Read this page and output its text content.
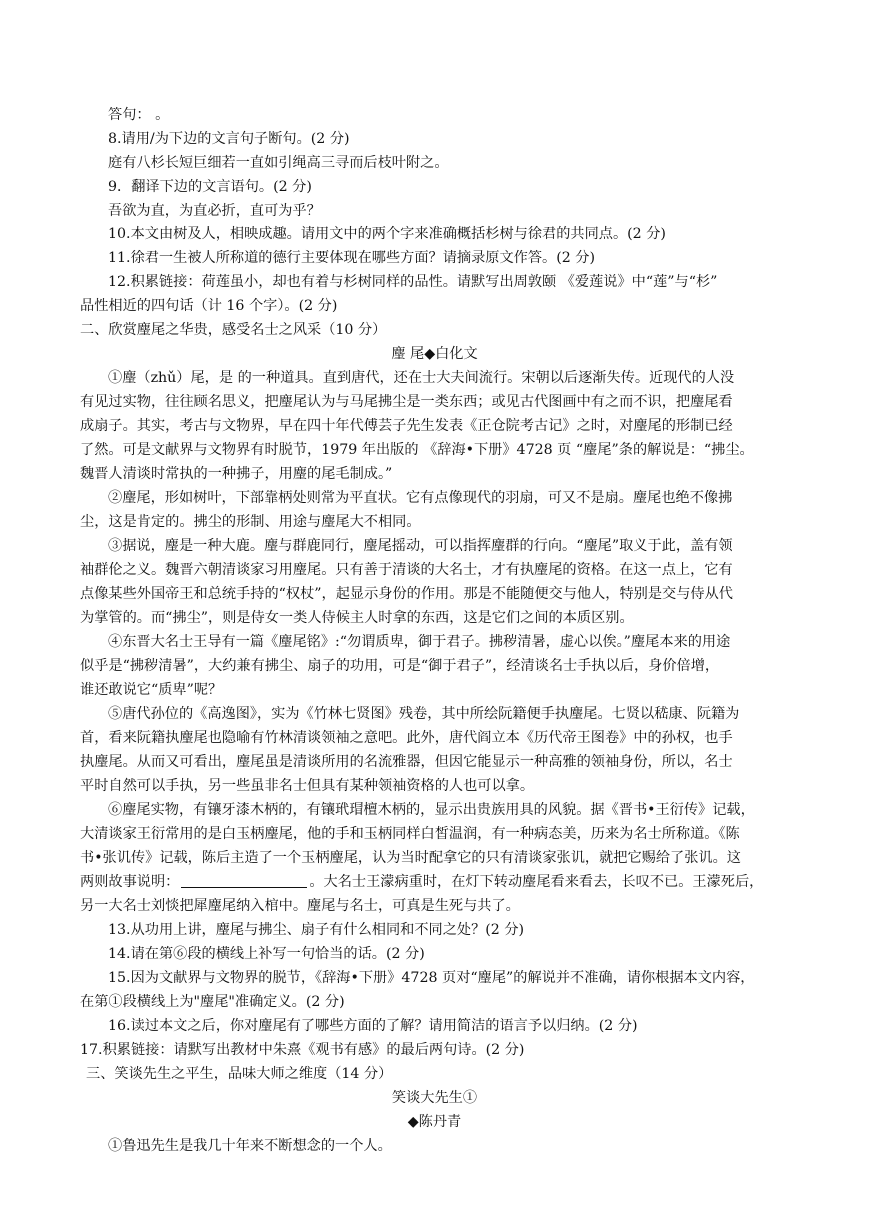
答句： 。
8.请用/为下边的文言句子断句。(2 分)
庭有八杉长短巨细若一直如引绳高三寻而后枝叶附之。
9．翻译下边的文言语句。(2 分)
吾欲为直，为直必折，直可为乎？
10.本文由树及人，相映成趣。请用文中的两个字来准确概括杉树与徐君的共同点。(2 分)
11.徐君一生被人所称道的德行主要体现在哪些方面？请摘录原文作答。(2 分)
12.积累链接：荷莲虽小，却也有着与杉树同样的品性。请默写出周敦颐 《爱莲说》中“莲”与“杉”
品性相近的四句话（计 16 个字）。(2 分)
二、欣赏麈尾之华贵，感受名士之风采（10 分）
麈 尾◆白化文
①麈（zhǔ）尾，是 的一种道具。直到唐代，还在士大夫间流行。宋朝以后逐渐失传。近现代的人没
有见过实物，往往顾名思义，把麈尾认为与马尾拂尘是一类东西；或见古代图画中有之而不识，把麈尾看
成扇子。其实，考古与文物界，早在四十年代傅芸子先生发表《正仓院考古记》之时，对麈尾的形制已经
了然。可是文献界与文物界有时脱节，1979 年出版的 《辞海•下册》4728 页 “麈尾”条的解说是：“拂尘。
魏晋人清谈时常执的一种拂子，用麈的尾毛制成。”
②麈尾，形如树叶，下部靠柄处则常为平直状。它有点像现代的羽扇，可又不是扇。麈尾也绝不像拂
尘，这是肯定的。拂尘的形制、用途与麈尾大不相同。
③据说，麈是一种大鹿。麈与群鹿同行，麈尾摇动，可以指挥麈群的行向。“麈尾”取义于此，盖有领
袖群伦之义。魏晋六朝清谈家习用麈尾。只有善于清谈的大名士，才有执麈尾的资格。在这一点上，它有
点像某些外国帝王和总统手持的“权杖”，起显示身份的作用。那是不能随便交与他人，特别是交与侍从代
为掌管的。而“拂尘”，则是侍女一类人侍候主人时拿的东西，这是它们之间的本质区别。
④东晋大名士王导有一篇《麈尾铭》:“勿谓质卑，御于君子。拂秽清暑，虚心以俟。”麈尾本来的用途
似乎是“拂秽清暑”，大约兼有拂尘、扇子的功用，可是“御于君子”，经清谈名士手执以后，身价倍增，
谁还敢说它“质卑”呢？
⑤唐代孙位的《高逸图》，实为《竹林七贤图》残卷，其中所绘阮籍便手执麈尾。七贤以嵇康、阮籍为
首，看来阮籍执麈尾也隐喻有竹林清谈领袖之意吧。此外，唐代阎立本《历代帝王图卷》中的孙权，也手
执麈尾。从而又可看出，麈尾虽是清谈所用的名流雅器，但因它能显示一种高雅的领袖身份，所以，名士
平时自然可以手执，另一些虽非名士但具有某种领袖资格的人也可以拿。
⑥麈尾实物，有镶牙漆木柄的，有镶玳瑁檀木柄的，显示出贵族用具的风貌。据《晋书•王衍传》记载，
大清谈家王衍常用的是白玉柄麈尾，他的手和玉柄同样白皙温润，有一种病态美，历来为名士所称道。《陈
书•张讥传》记载，陈后主造了一个玉柄麈尾，认为当时配拿它的只有清谈家张讥，就把它赐给了张讥。这
两则故事说明：	。大名士王濛病重时，在灯下转动麈尾看来看去，长叹不已。王濛死后，
另一大名士刘惔把犀麈尾纳入棺中。麈尾与名士，可真是生死与共了。
13.从功用上讲，麈尾与拂尘、扇子有什么相同和不同之处？(2 分)
14.请在第⑥段的横线上补写一句恰当的话。(2 分)
15.因为文献界与文物界的脱节，《辞海•下册》4728 页对“麈尾”的解说并不准确，请你根据本文内容，
在第①段横线上为"麈尾"准确定义。(2 分)
16.读过本文之后，你对麈尾有了哪些方面的了解？请用简洁的语言予以归纳。(2 分)
17.积累链接：请默写出教材中朱熹《观书有感》的最后两句诗。(2 分)
三、笑谈先生之平生，品味大师之维度（14 分）
笑谈大先生①
◆陈丹青
①鲁迅先生是我几十年来不断想念的一个人。
